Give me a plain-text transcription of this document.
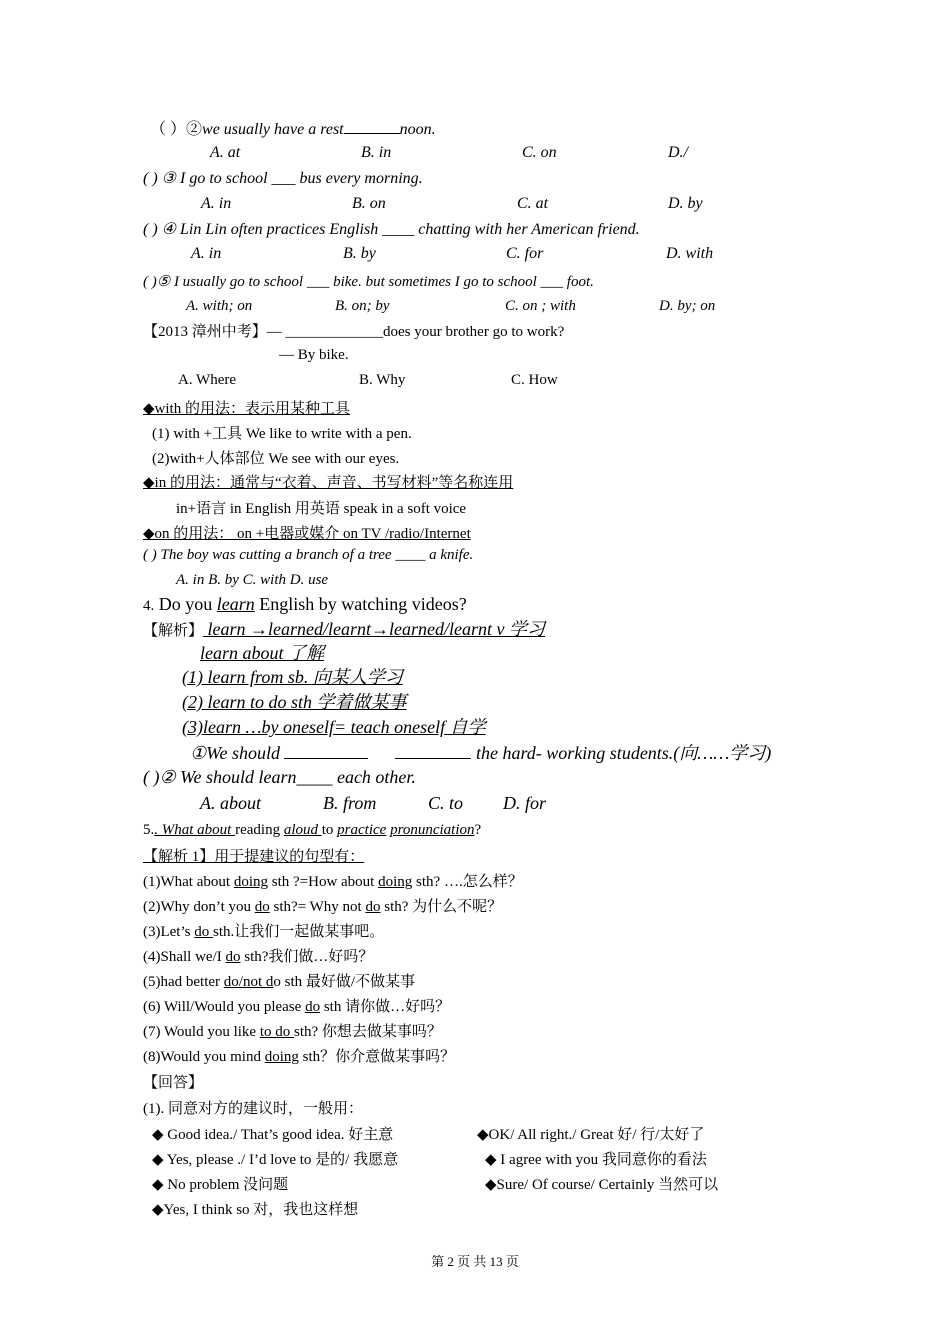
（ ）②we usually have a rest	noon.
A. at	B. in	C. on	D./
( ) ③ I go to school ___ bus every morning.
A. in	B. on	C. at	D. by
( ) ④ Lin Lin often practices English ____ chatting with her American friend.
A. in	B. by	C. for	D. with
( )⑤ I usually go to school ___ bike. but sometimes I go to school ___ foot.
A. with; on	B. on; by	C. on ; with	D. by; on
【2013 漳州中考】— _____________does your brother go to work?
— By bike.
A. Where	B. Why	C. How
◆with 的用法：表示用某种工具
(1) with +工具 We like to write with a pen.
(2)with+人体部位 We see with our eyes.
◆in 的用法：通常与“衣着、声音、书写材料”等名称连用
in+语言 in English 用英语 speak in a soft voice
◆on 的用法： on +电器或媒介 on TV /radio/Internet
( ) The boy was cutting a branch of a tree ____ a knife.
A. in B. by C. with D. use
4. Do you learn English by watching videos?
【解析】 learn →learned/learnt→learned/learnt v 学习
learn about 了解
(1) learn from sb. 向某人学习
(2) learn to do sth 学着做某事
(3)learn …by oneself= teach oneself 自学
①We should	the hard- working students.(向……学习)
( )② We should learn____ each other.
A. about	B. from	C. to D. for
5.. What about reading aloud to practice pronunciation?
【解析 1】用于提建议的句型有：
(1)What about doing sth ?=How about doing sth? ….怎么样？
(2)Why don’t you do sth?= Why not do sth? 为什么不呢？
(3)Let’s do sth.让我们一起做某事吧。
(4)Shall we/I do sth?我们做…好吗？
(5)had better do/not do sth 最好做/不做某事
(6) Will/Would you please do sth 请你做…好吗？
(7) Would you like to do sth? 你想去做某事吗？
(8)Would you mind doing sth？你介意做某事吗？
【回答】
(1). 同意对方的建议时，一般用：
◆ Good idea./ That’s good idea. 好主意
◆ Yes, please ./ I’d love to 是的/ 我愿意
◆ No problem 没问题
◆Yes, I think so 对，我也这样想
◆OK/ All right./ Great 好/ 行/太好了
◆ I agree with you 我同意你的看法
◆Sure/ Of course/ Certainly 当然可以
第 2 页 共 13 页
